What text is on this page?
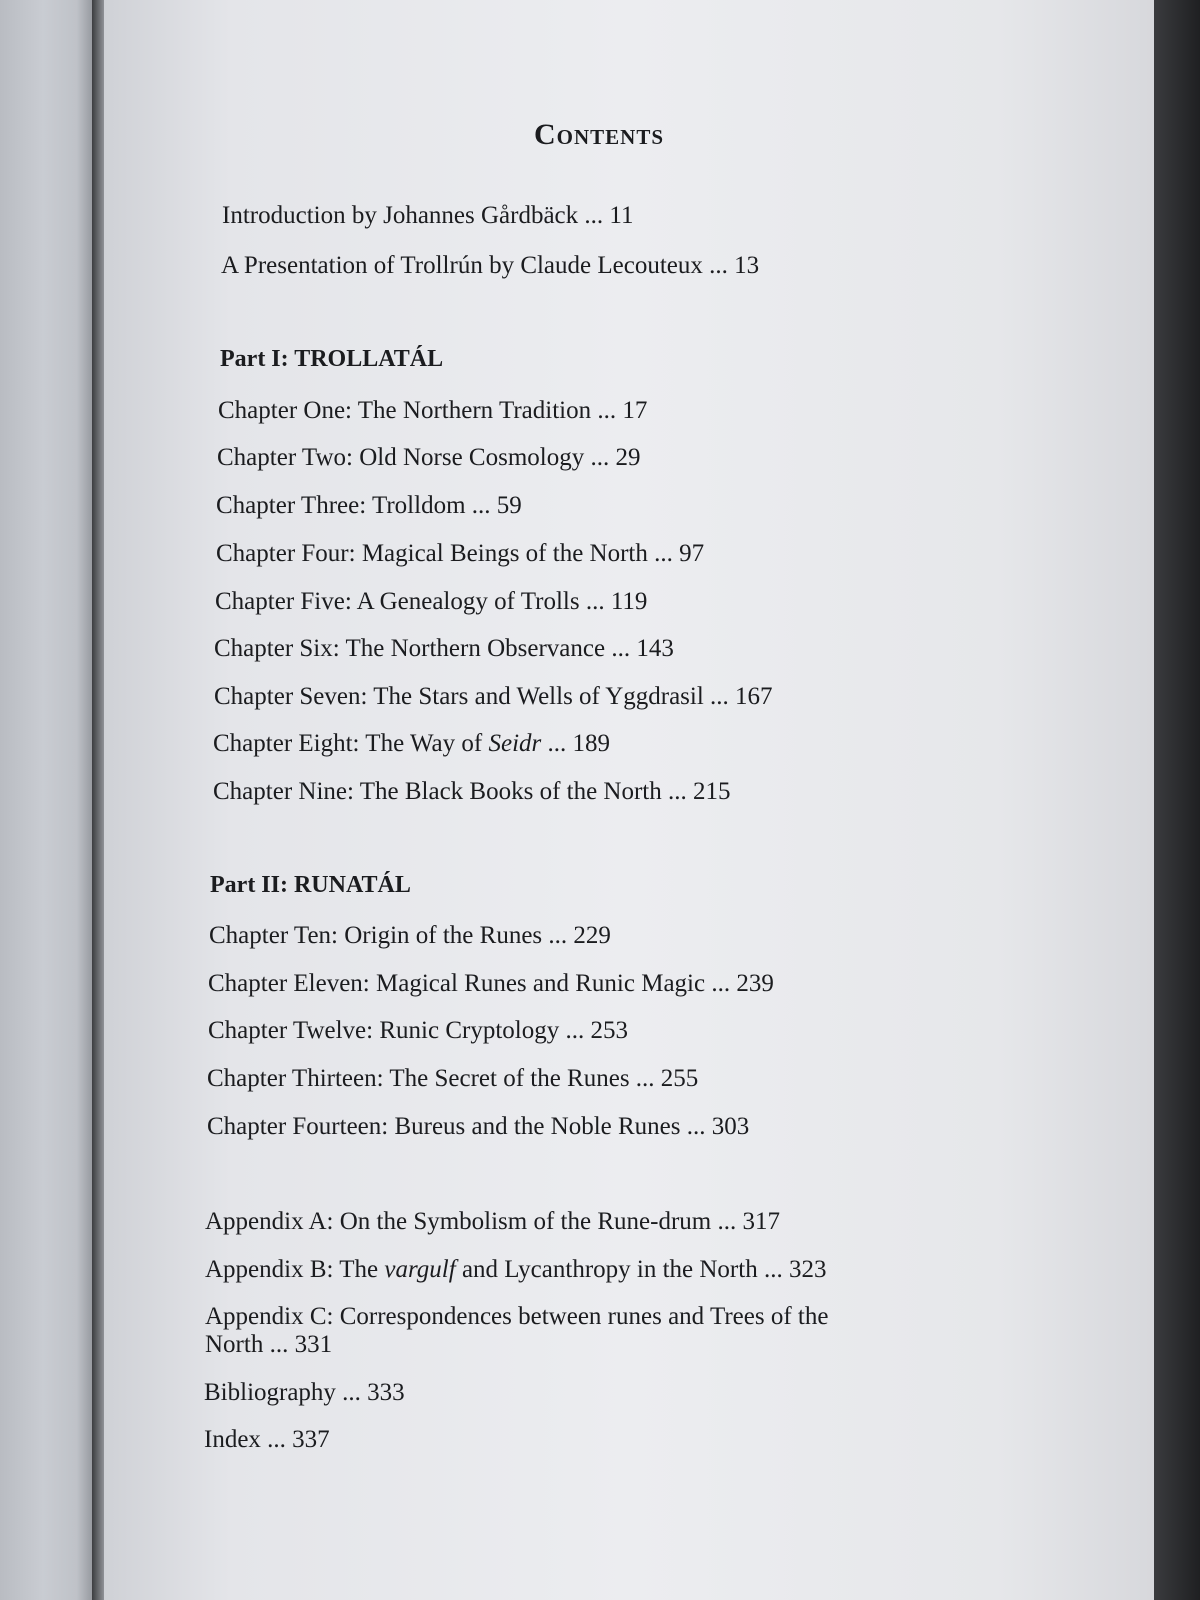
Contents
Introduction by Johannes Gårdbäck ... 11
A Presentation of Trollrún by Claude Lecouteux ... 13
Part I: TROLLATÁL
Chapter One: The Northern Tradition ... 17
Chapter Two: Old Norse Cosmology ... 29
Chapter Three: Trolldom ... 59
Chapter Four: Magical Beings of the North ... 97
Chapter Five: A Genealogy of Trolls ... 119
Chapter Six: The Northern Observance ... 143
Chapter Seven: The Stars and Wells of Yggdrasil ... 167
Chapter Eight: The Way of Seidr ... 189
Chapter Nine: The Black Books of the North ... 215
Part II: RUNATÁL
Chapter Ten: Origin of the Runes ... 229
Chapter Eleven: Magical Runes and Runic Magic ... 239
Chapter Twelve: Runic Cryptology ... 253
Chapter Thirteen: The Secret of the Runes ... 255
Chapter Fourteen: Bureus and the Noble Runes ... 303
Appendix A: On the Symbolism of the Rune-drum ... 317
Appendix B: The vargulf and Lycanthropy in the North ... 323
Appendix C: Correspondences between runes and Trees of the
North ... 331
Bibliography ... 333
Index ... 337
